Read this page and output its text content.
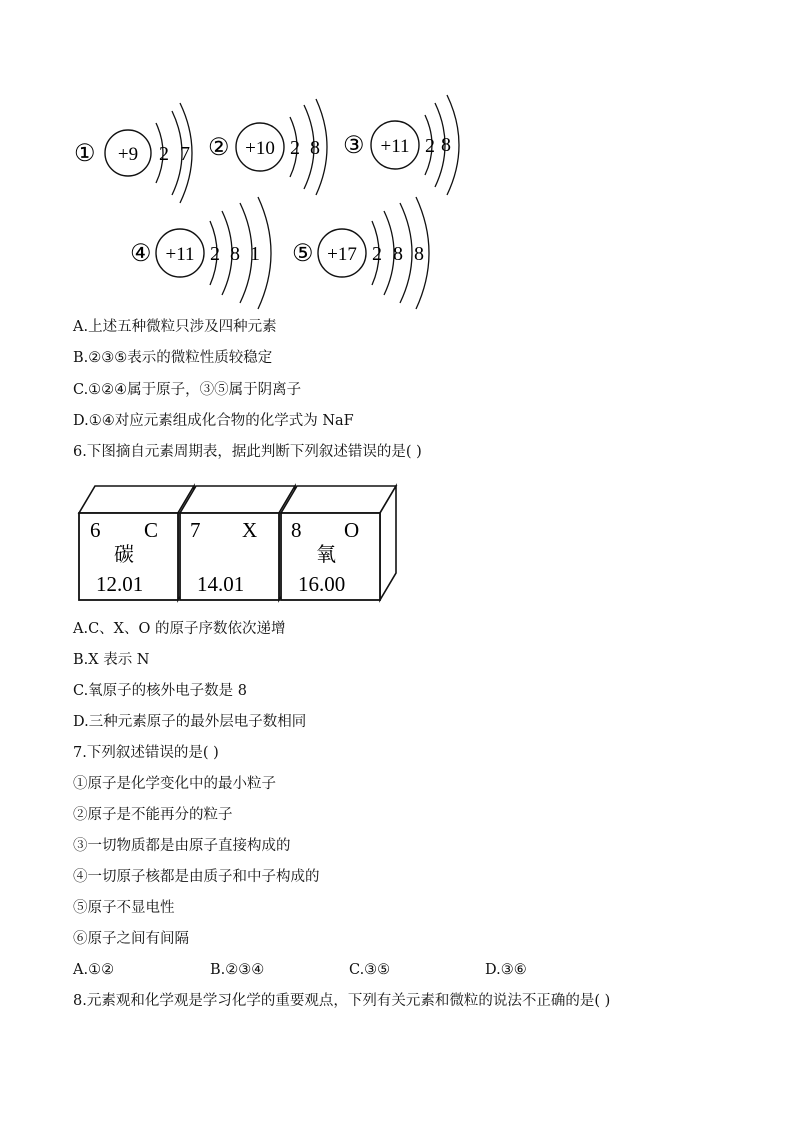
① +9 2 7 ② +10 2 8 ③ +11 2 8
④ +11 2 8 1 ⑤ +17 2 8 8
A.上述五种微粒只涉及四种元素
B.②③⑤表示的微粒性质较稳定
C.①②④属于原子，③⑤属于阴离子
D.①④对应元素组成化合物的化学式为 NaF
6.下图摘自元素周期表，据此判断下列叙述错误的是( )
6 C
碳
12.01
7 X
14.01
8 O
氧
16.00
A.C、X、O 的原子序数依次递增
B.X 表示 N
C.氧原子的核外电子数是 8
D.三种元素原子的最外层电子数相同
7.下列叙述错误的是( )
①原子是化学变化中的最小粒子
②原子是不能再分的粒子
③一切物质都是由原子直接构成的
④一切原子核都是由质子和中子构成的
⑤原子不显电性
⑥原子之间有间隔
A.①②	B.②③④	C.③⑤	D.③⑥
8.元素观和化学观是学习化学的重要观点，下列有关元素和微粒的说法不正确的是( )
